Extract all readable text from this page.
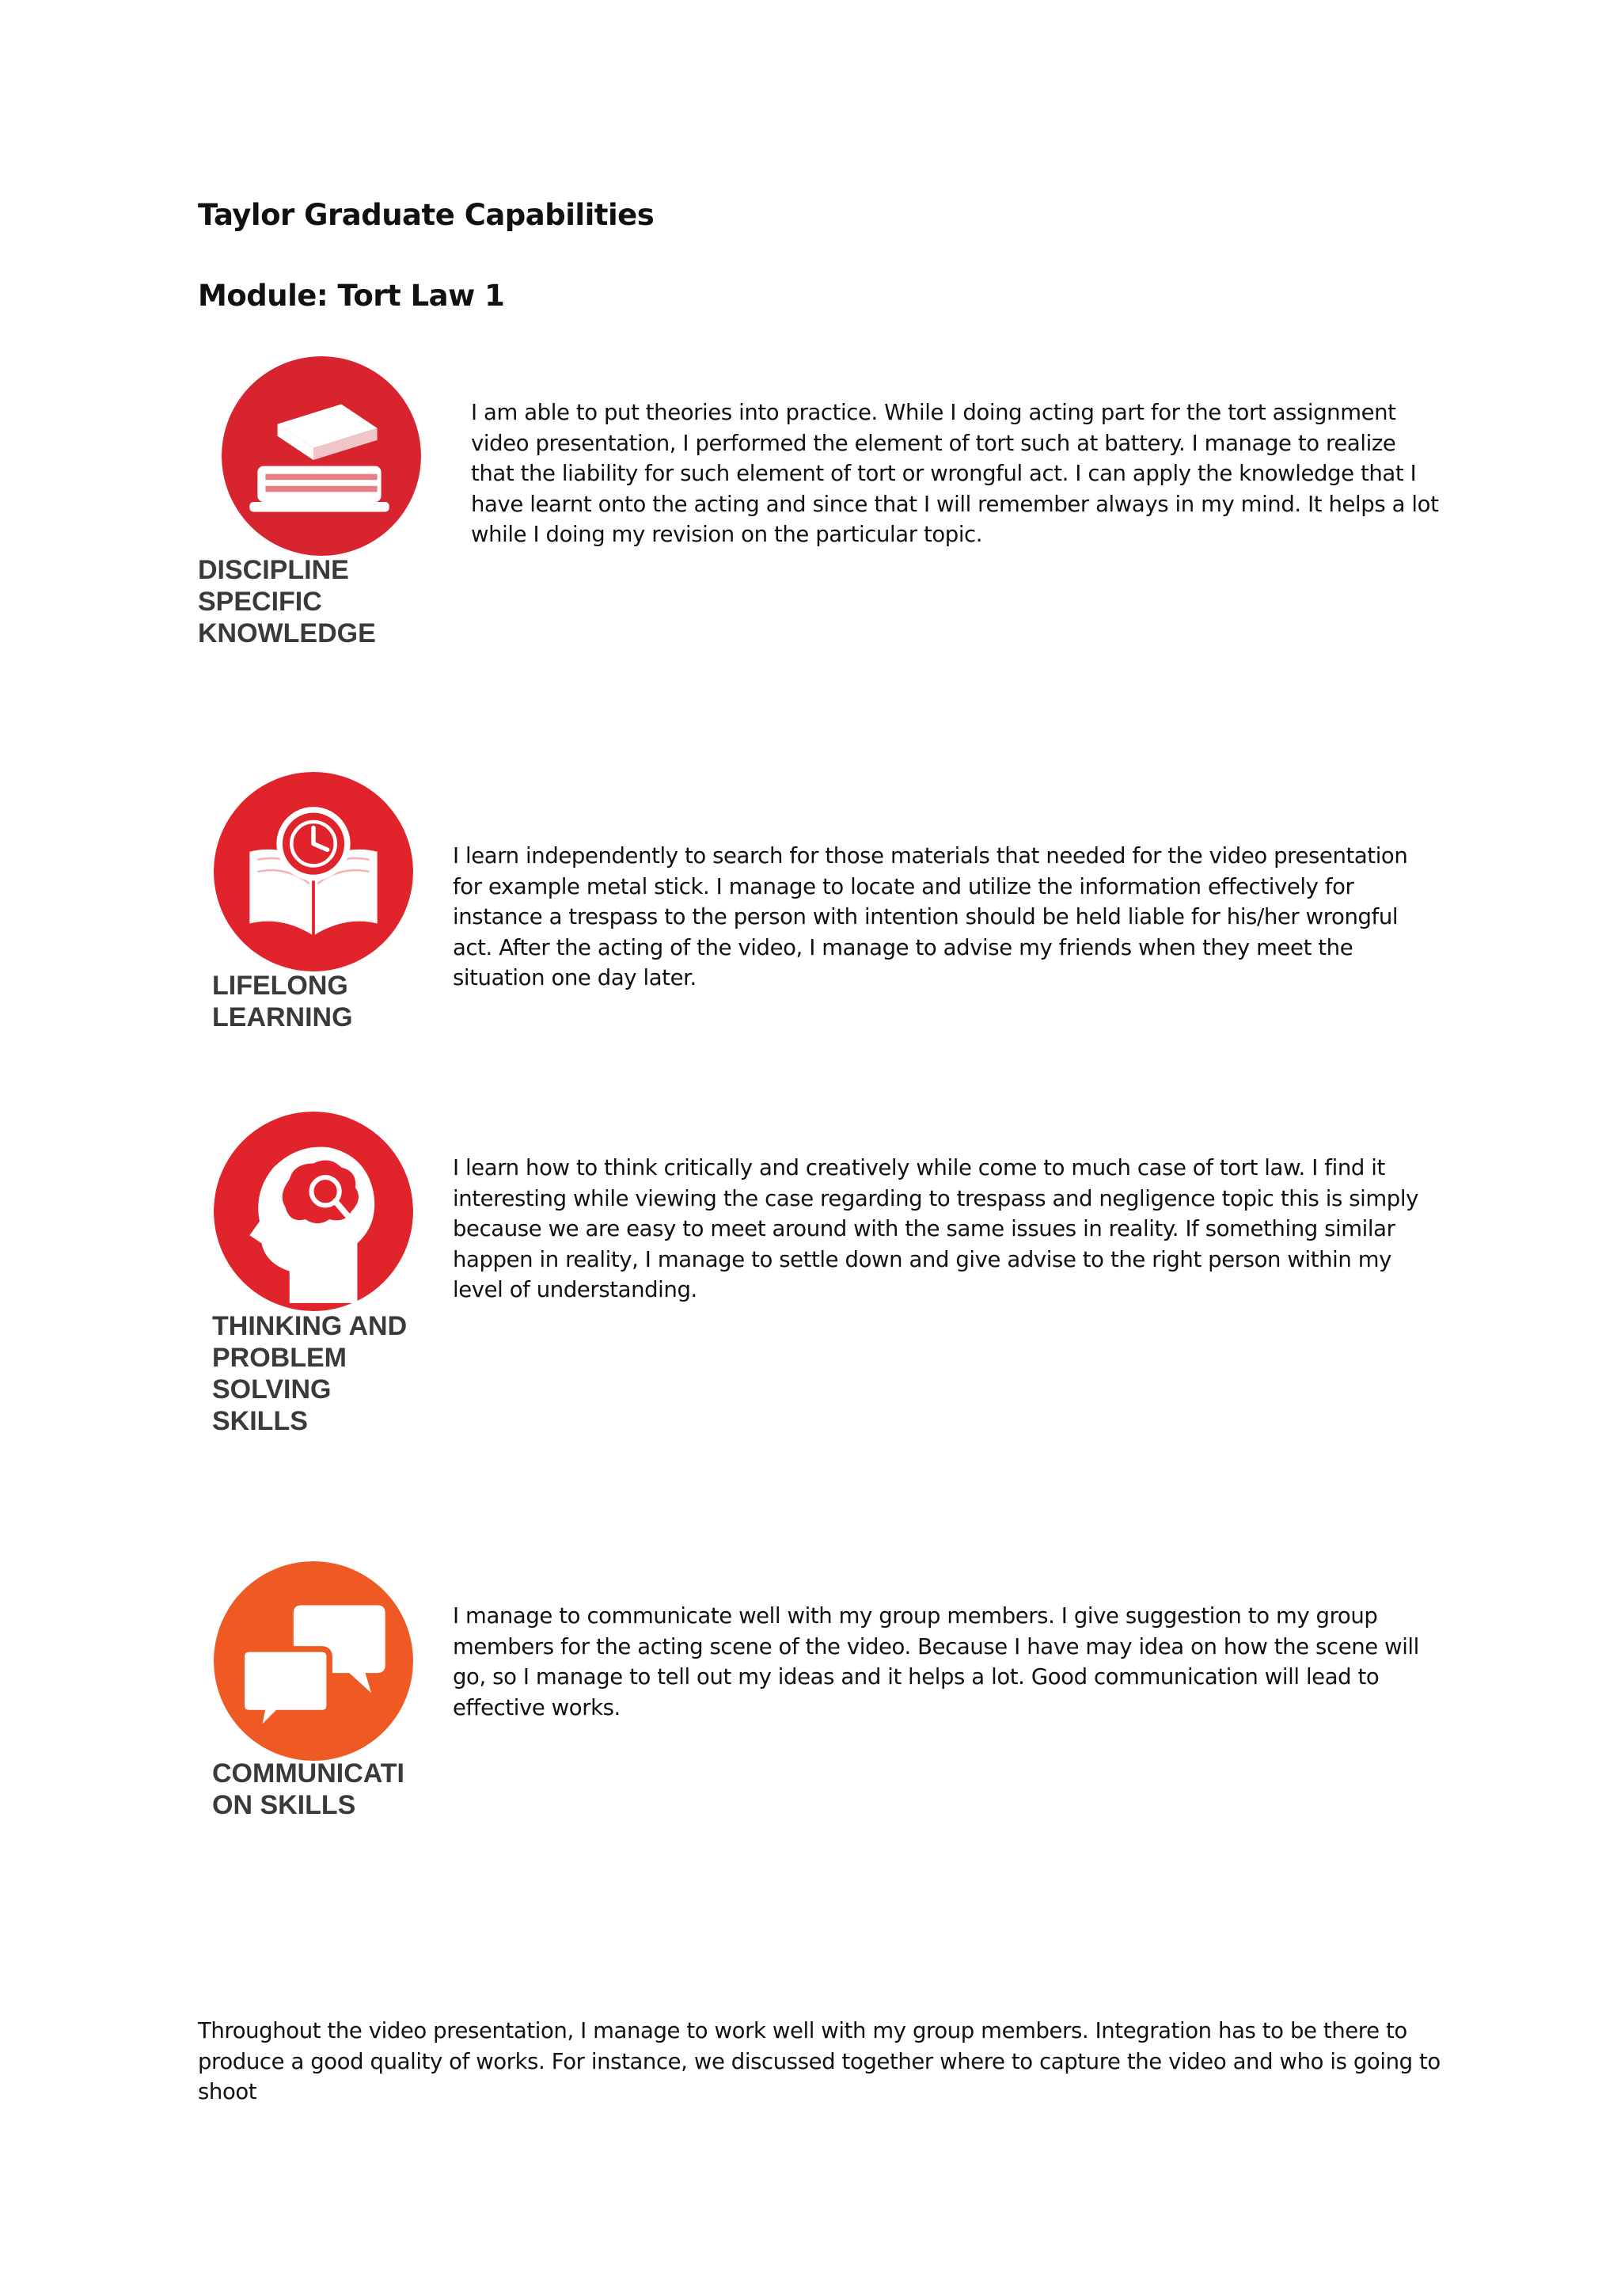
Taylor Graduate Capabilities
Module: Tort Law 1

DISCIPLINE
SPECIFIC
KNOWLEDGE

I am able to put theories into practice. While I doing acting part for the tort assignment video presentation, I performed the element of tort such at battery. I manage to realize that the liability for such element of tort or wrongful act. I can apply the knowledge that I have learnt onto the acting and since that I will remember always in my mind. It helps a lot while I doing my revision on the particular topic.

LIFELONG
LEARNING

I learn independently to search for those materials that needed for the video presentation for example metal stick. I manage to locate and utilize the information effectively for instance a trespass to the person with intention should be held liable for his/her wrongful act. After the acting of the video, I manage to advise my friends when they meet the situation one day later.

THINKING AND
PROBLEM
SOLVING
SKILLS

I learn how to think critically and creatively while come to much case of tort law. I find it interesting while viewing the case regarding to trespass and negligence topic this is simply because we are easy to meet around with the same issues in reality. If something similar happen in reality, I manage to settle down and give advise to the right person within my level of understanding.

COMMUNICATI
ON SKILLS

I manage to communicate well with my group members. I give suggestion to my group members for the acting scene of the video. Because I have may idea on how the scene will go, so I manage to tell out my ideas and it helps a lot. Good communication will lead to effective works.

Throughout the video presentation, I manage to work well with my group members. Integration has to be there to produce a good quality of works. For instance, we discussed together where to capture the video and who is going to shoot
